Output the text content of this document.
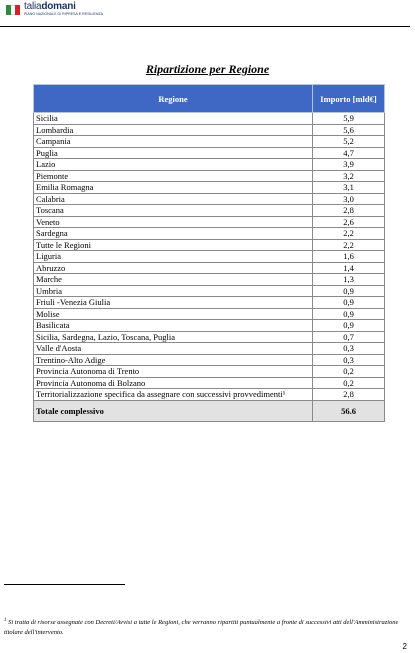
taliadomani
PIANO NAZIONALE DI RIPRESA E RESILIENZA
Ripartizione per Regione
Regione	Importo [mld€]
Sicilia	5,9
Lombardia	5,6
Campania	5,2
Puglia	4,7
Lazio	3,9
Piemonte	3,2
Emilia Romagna	3,1
Calabria	3,0
Toscana	2,8
Veneto	2,6
Sardegna	2,2
Tutte le Regioni	2,2
Liguria	1,6
Abruzzo	1,4
Marche	1,3
Umbria	0,9
Friuli -Venezia Giulia	0,9
Molise	0,9
Basilicata	0,9
Sicilia, Sardegna, Lazio, Toscana, Puglia	0,7
Valle d'Aosta	0,3
Trentino-Alto Adige	0,3
Provincia Autonoma di Trento	0,2
Provincia Autonoma di Bolzano	0,2
Territorializzazione specifica da assegnare con successivi provvedimenti¹	2,8
Totale complessivo	56.6
$^1$ Si tratta di risorse assegnate con Decreti/Avvisi a tutte le Regioni, che verranno ripartiti puntualmente a fronte di successivi atti dell'Amministrazione titolare dell'intervento.
2
